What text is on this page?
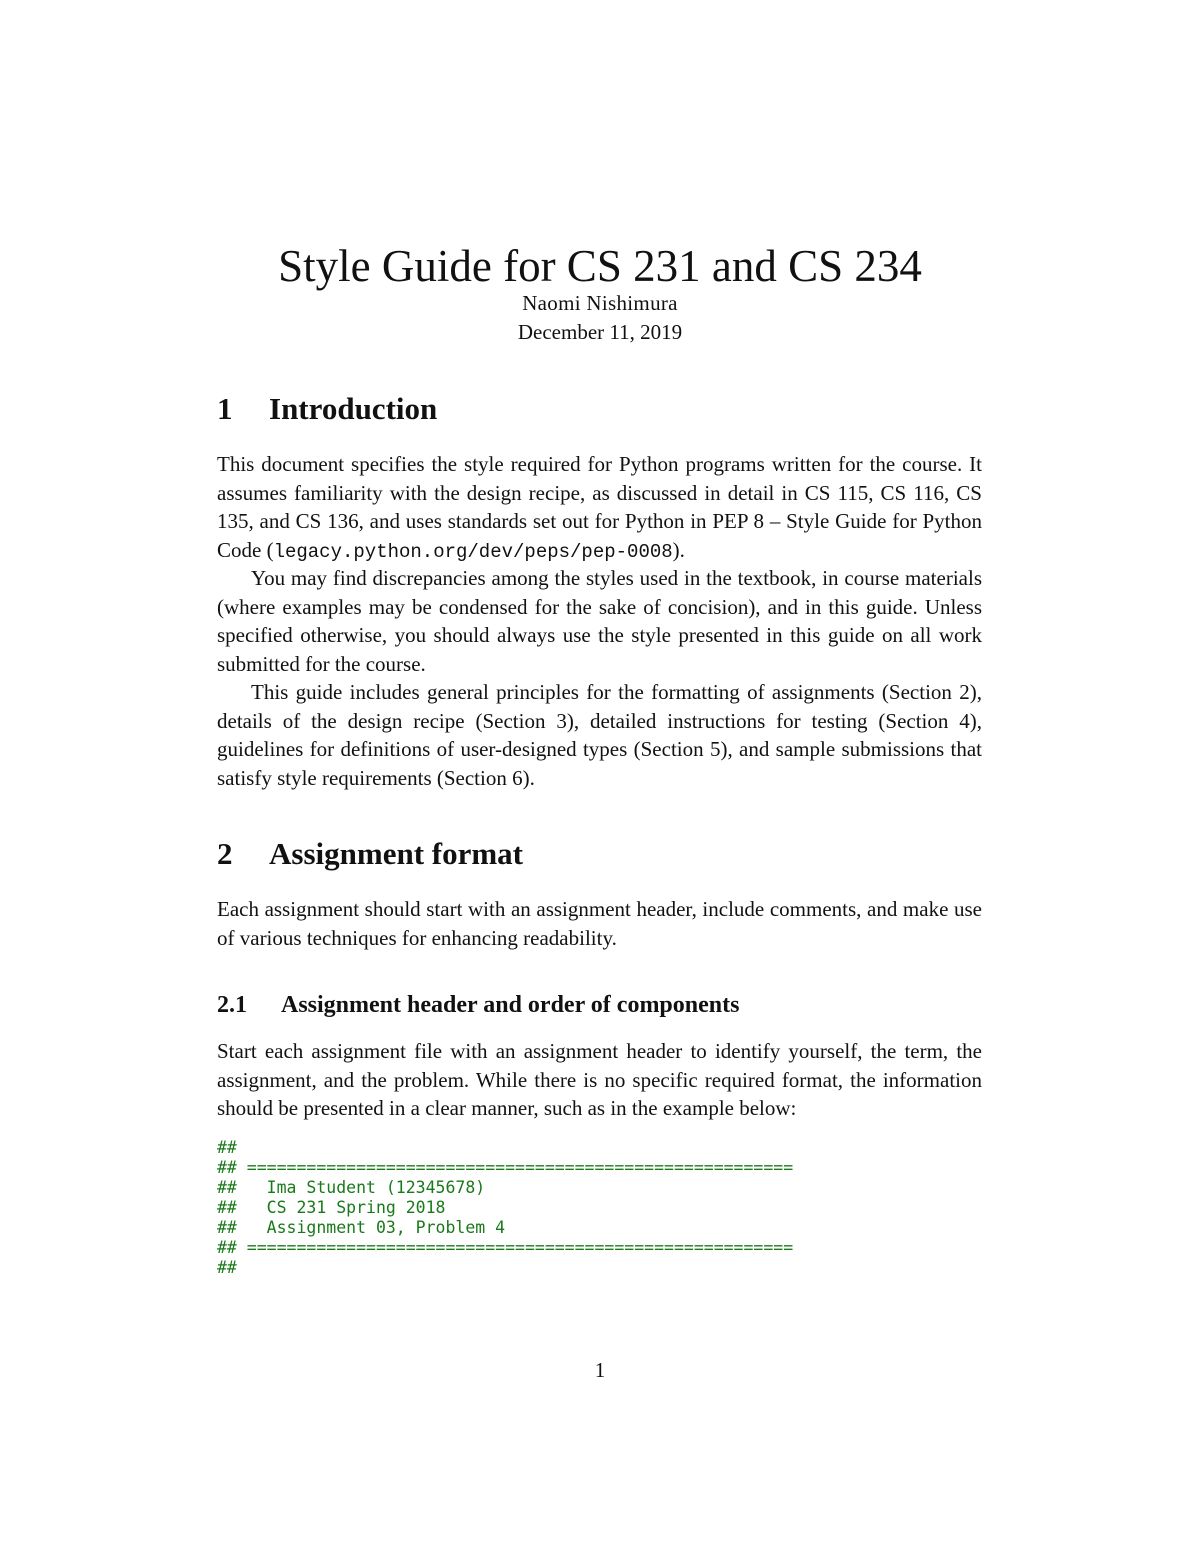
Style Guide for CS 231 and CS 234
Naomi Nishimura
December 11, 2019
1 Introduction
This document specifies the style required for Python programs written for the course. It assumes familiarity with the design recipe, as discussed in detail in CS 115, CS 116, CS 135, and CS 136, and uses standards set out for Python in PEP 8 – Style Guide for Python Code (legacy.python.org/dev/peps/pep-0008).
You may find discrepancies among the styles used in the textbook, in course materials (where examples may be condensed for the sake of concision), and in this guide. Unless specified otherwise, you should always use the style presented in this guide on all work submitted for the course.
This guide includes general principles for the formatting of assignments (Section 2), details of the design recipe (Section 3), detailed instructions for testing (Section 4), guidelines for definitions of user-designed types (Section 5), and sample submissions that satisfy style requirements (Section 6).
2 Assignment format
Each assignment should start with an assignment header, include comments, and make use of various techniques for enhancing readability.
2.1 Assignment header and order of components
Start each assignment file with an assignment header to identify yourself, the term, the assignment, and the problem. While there is no specific required format, the information should be presented in a clear manner, such as in the example below:
##
## =======================================================
##   Ima Student (12345678)
##   CS 231 Spring 2018
##   Assignment 03, Problem 4
## =======================================================
##
1
